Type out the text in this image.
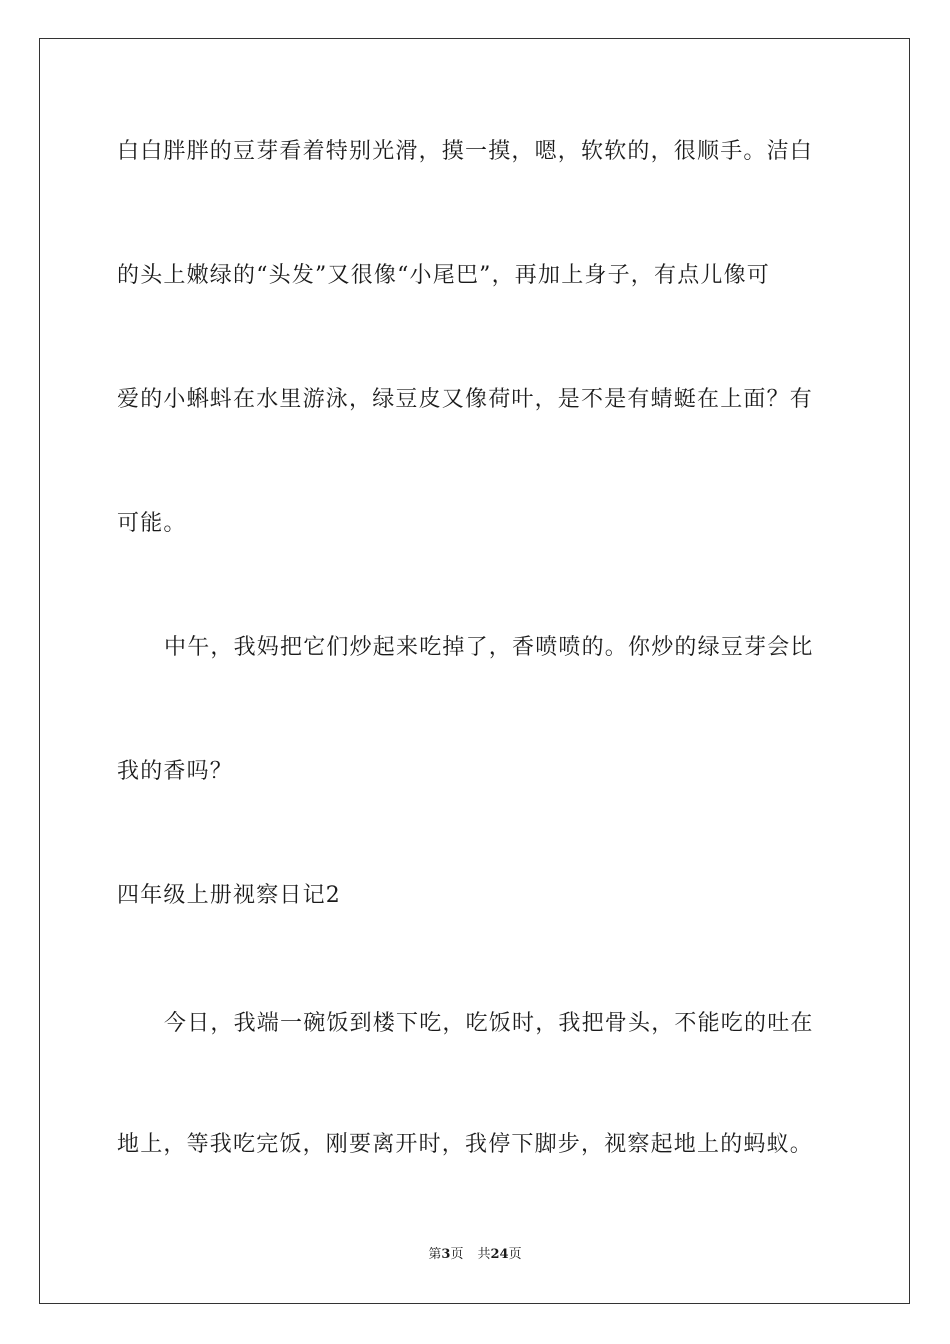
白白胖胖的豆芽看着特别光滑，摸一摸，嗯，软软的，很顺手。洁白
的头上嫩绿的“头发”又很像“小尾巴”，再加上身子，有点儿像可
爱的小蝌蚪在水里游泳，绿豆皮又像荷叶，是不是有蜻蜓在上面？有
可能。
中午，我妈把它们炒起来吃掉了，香喷喷的。你炒的绿豆芽会比
我的香吗？
四年级上册视察日记2
今日，我端一碗饭到楼下吃，吃饭时，我把骨头，不能吃的吐在
地上，等我吃完饭，刚要离开时，我停下脚步，视察起地上的蚂蚁。
第3页 共24页
